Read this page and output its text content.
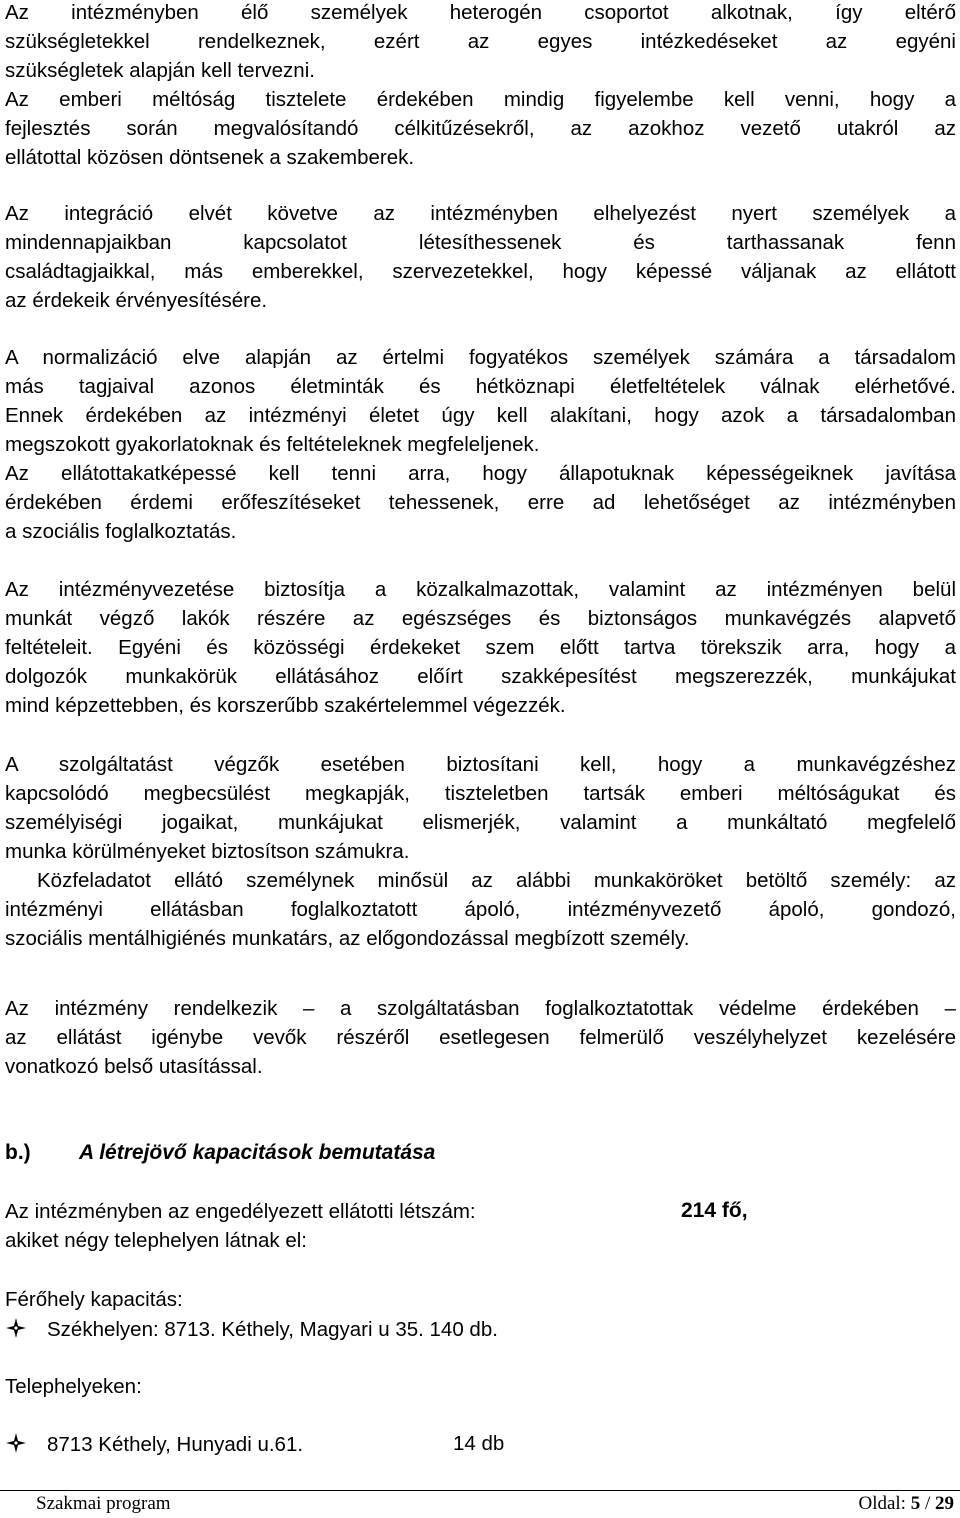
Az intézményben élő személyek heterogén csoportot alkotnak, így eltérő
szükségletekkel rendelkeznek, ezért az egyes intézkedéseket az egyéni
szükségletek alapján kell tervezni.
Az emberi méltóság tisztelete érdekében mindig figyelembe kell venni, hogy a
fejlesztés során megvalósítandó célkitűzésekről, az azokhoz vezető utakról az
ellátottal közösen döntsenek a szakemberek.
Az integráció elvét követve az intézményben elhelyezést nyert személyek a
mindennapjaikban kapcsolatot létesíthessenek és tarthassanak fenn
családtagjaikkal, más emberekkel, szervezetekkel, hogy képessé váljanak az ellátott
az érdekeik érvényesítésére.
A normalizáció elve alapján az értelmi fogyatékos személyek számára a társadalom
más tagjaival azonos életminták és hétköznapi életfeltételek válnak elérhetővé.
Ennek érdekében az intézményi életet úgy kell alakítani, hogy azok a társadalomban
megszokott gyakorlatoknak és feltételeknek megfeleljenek.
Az ellátottakatképessé kell tenni arra, hogy állapotuknak képességeiknek javítása
érdekében érdemi erőfeszítéseket tehessenek, erre ad lehetőséget az intézményben
a szociális foglalkoztatás.
Az intézményvezetése biztosítja a közalkalmazottak, valamint az intézményen belül
munkát végző lakók részére az egészséges és biztonságos munkavégzés alapvető
feltételeit. Egyéni és közösségi érdekeket szem előtt tartva törekszik arra, hogy a
dolgozók munkakörük ellátásához előírt szakképesítést megszerezzék, munkájukat
mind képzettebben, és korszerűbb szakértelemmel végezzék.
A szolgáltatást végzők esetében biztosítani kell, hogy a munkavégzéshez
kapcsolódó megbecsülést megkapják, tiszteletben tartsák emberi méltóságukat és
személyiségi jogaikat, munkájukat elismerjék, valamint a munkáltató megfelelő
munka körülményeket biztosítson számukra.
Közfeladatot ellátó személynek minősül az alábbi munkaköröket betöltő személy: az
intézményi ellátásban foglalkoztatott ápoló, intézményvezető ápoló, gondozó,
szociális mentálhigiénés munkatárs, az előgondozással megbízott személy.
Az intézmény rendelkezik – a szolgáltatásban foglalkoztatottak védelme érdekében –
az ellátást igénybe vevők részéről esetlegesen felmerülő veszélyhelyzet kezelésére
vonatkozó belső utasítással.
b.) A létrejövő kapacitások bemutatása
Az intézményben az engedélyezett ellátotti létszám:
akiket négy telephelyen látnak el:
214 fő,
Férőhely kapacitás:
Székhelyen: 8713. Kéthely, Magyari u 35. 140 db.
Telephelyeken:
8713 Kéthely, Hunyadi u.61.	14 db
Szakmai program	Oldal: 5 / 29
